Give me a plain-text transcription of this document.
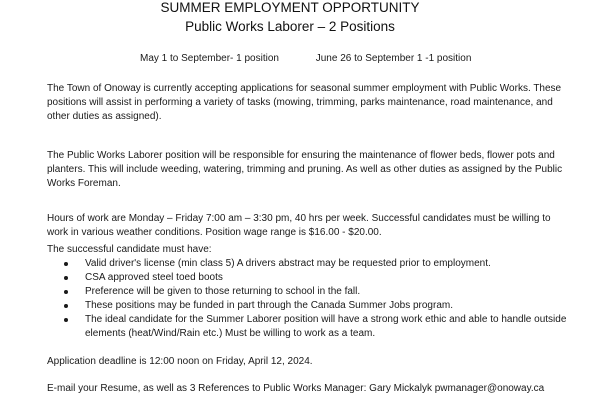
SUMMER EMPLOYMENT OPPORTUNITY
Public Works Laborer – 2 Positions
May 1 to September- 1 position	June 26 to September 1 -1 position

The Town of Onoway is currently accepting applications for seasonal summer employment with Public Works. These positions will assist in performing a variety of tasks (mowing, trimming, parks maintenance, road maintenance, and other duties as assigned).

The Public Works Laborer position will be responsible for ensuring the maintenance of flower beds, flower pots and planters. This will include weeding, watering, trimming and pruning. As well as other duties as assigned by the Public Works Foreman.

Hours of work are Monday – Friday 7:00 am – 3:30 pm, 40 hrs per week. Successful candidates must be willing to work in various weather conditions. Position wage range is $16.00 - $20.00.

The successful candidate must have:

Valid driver's license (min class 5) A drivers abstract may be requested prior to employment.
CSA approved steel toed boots
Preference will be given to those returning to school in the fall.
These positions may be funded in part through the Canada Summer Jobs program.
The ideal candidate for the Summer Laborer position will have a strong work ethic and able to handle outside elements (heat/Wind/Rain etc.) Must be willing to work as a team.

Application deadline is 12:00 noon on Friday, April 12, 2024.

E-mail your Resume, as well as 3 References to Public Works Manager: Gary Mickalyk pwmanager@onoway.ca
